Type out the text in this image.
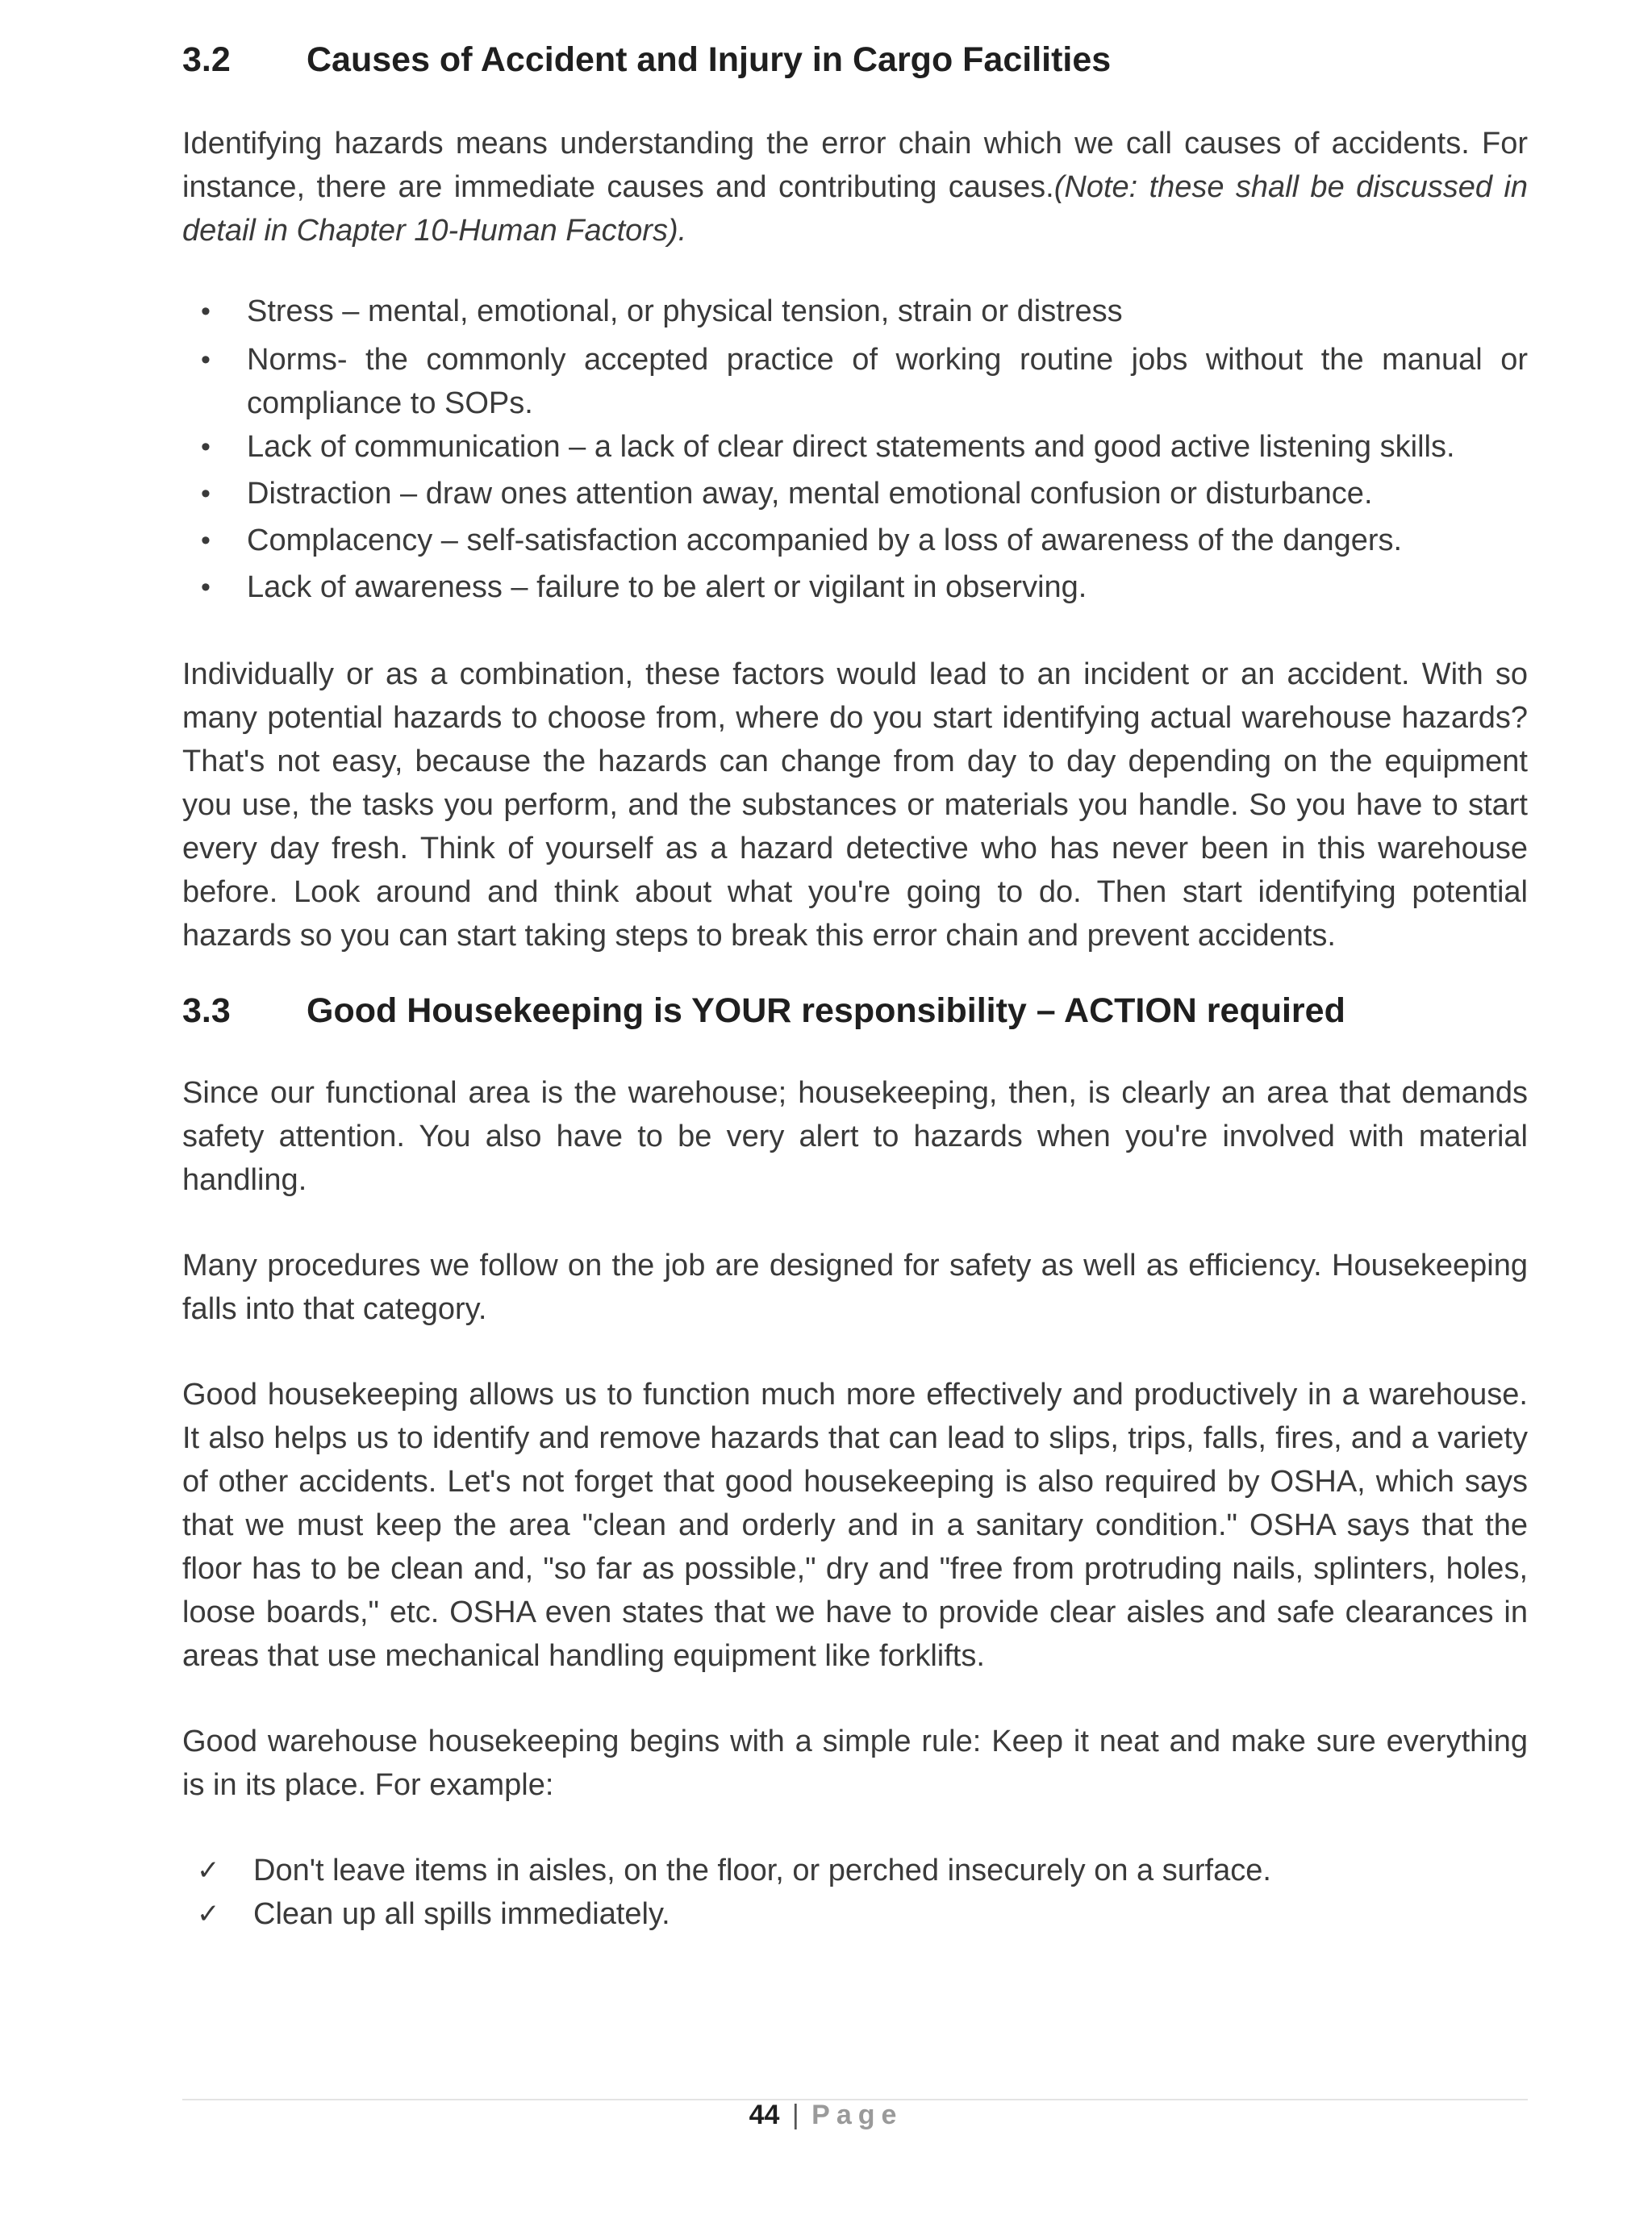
3.2	Causes of Accident and Injury in Cargo Facilities

Identifying hazards means understanding the error chain which we call causes of accidents. For instance, there are immediate causes and contributing causes.(Note: these shall be discussed in detail in Chapter 10-Human Factors).

• Stress – mental, emotional, or physical tension, strain or distress
• Norms- the commonly accepted practice of working routine jobs without the manual or compliance to SOPs.
• Lack of communication – a lack of clear direct statements and good active listening skills.
• Distraction – draw ones attention away, mental emotional confusion or disturbance.
• Complacency – self-satisfaction accompanied by a loss of awareness of the dangers.
• Lack of awareness – failure to be alert or vigilant in observing.

Individually or as a combination, these factors would lead to an incident or an accident. With so many potential hazards to choose from, where do you start identifying actual warehouse hazards? That's not easy, because the hazards can change from day to day depending on the equipment you use, the tasks you perform, and the substances or materials you handle. So you have to start every day fresh. Think of yourself as a hazard detective who has never been in this warehouse before. Look around and think about what you're going to do. Then start identifying potential hazards so you can start taking steps to break this error chain and prevent accidents.

3.3	Good Housekeeping is YOUR responsibility – ACTION required

Since our functional area is the warehouse; housekeeping, then, is clearly an area that demands safety attention. You also have to be very alert to hazards when you're involved with material handling.

Many procedures we follow on the job are designed for safety as well as efficiency. Housekeeping falls into that category.

Good housekeeping allows us to function much more effectively and productively in a warehouse. It also helps us to identify and remove hazards that can lead to slips, trips, falls, fires, and a variety of other accidents. Let's not forget that good housekeeping is also required by OSHA, which says that we must keep the area "clean and orderly and in a sanitary condition." OSHA says that the floor has to be clean and, "so far as possible," dry and "free from protruding nails, splinters, holes, loose boards," etc. OSHA even states that we have to provide clear aisles and safe clearances in areas that use mechanical handling equipment like forklifts.

Good warehouse housekeeping begins with a simple rule: Keep it neat and make sure everything is in its place. For example:

✓ Don't leave items in aisles, on the floor, or perched insecurely on a surface.
✓ Clean up all spills immediately.
44 | Page
